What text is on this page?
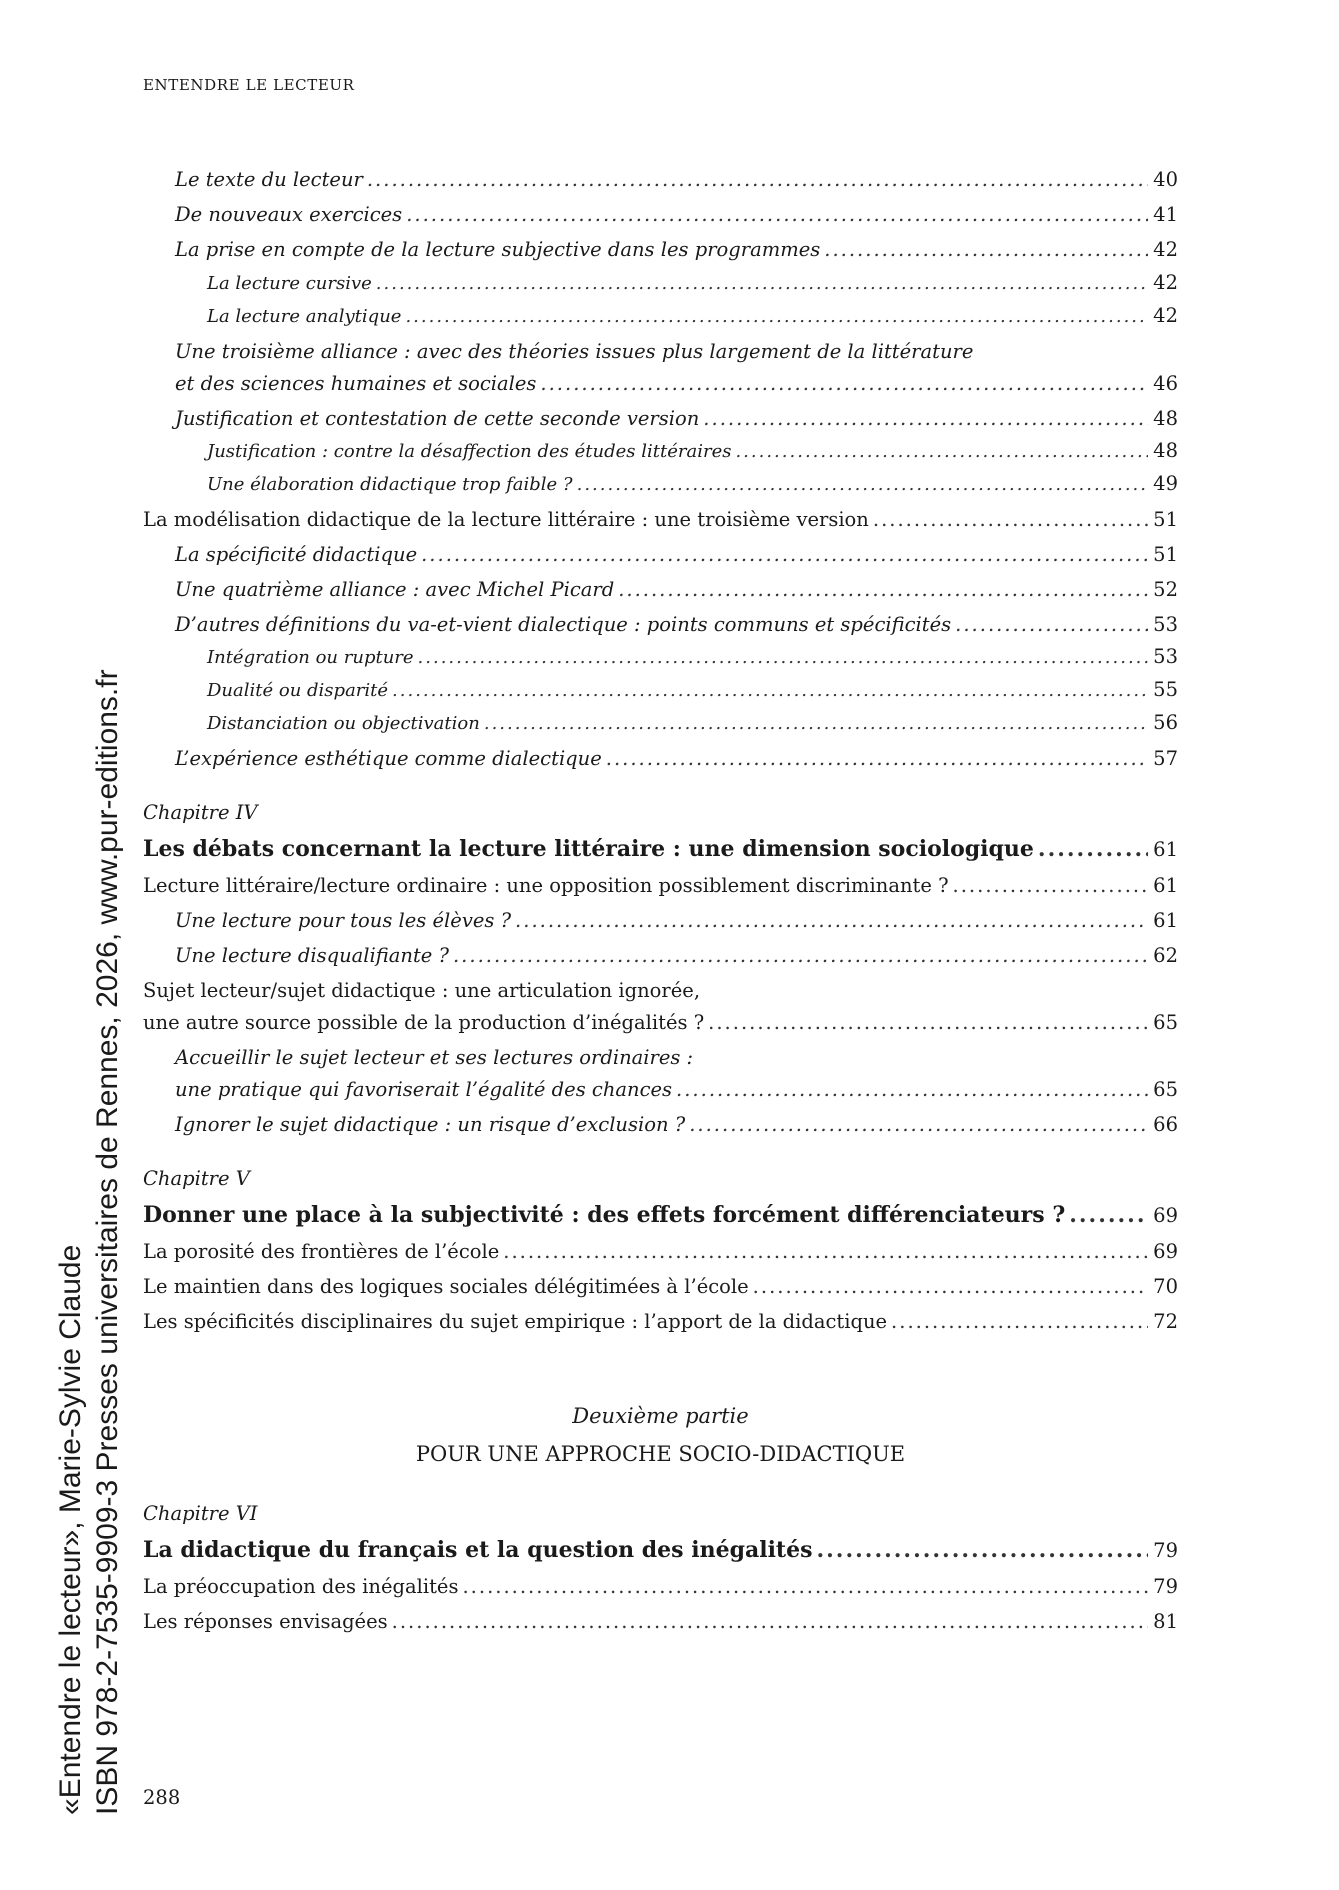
ENTENDRE LE LECTEUR
«Entendre le lecteur», Marie-Sylvie Claude ISBN 978-2-7535-9909-3 Presses universitaires de Rennes, 2026, www.pur-editions.fr
Le texte du lecteur .....	40
De nouveaux exercices .....	41
La prise en compte de la lecture subjective dans les programmes .....	42
La lecture cursive .....	42
La lecture analytique .....	42
Une troisième alliance : avec des théories issues plus largement de la littérature
et des sciences humaines et sociales .....	46
Justification et contestation de cette seconde version .....	48
Justification : contre la désaffection des études littéraires .....	48
Une élaboration didactique trop faible ? .....	49
La modélisation didactique de la lecture littéraire : une troisième version .....	51
La spécificité didactique .....	51
Une quatrième alliance : avec Michel Picard .....	52
D’autres définitions du va-et-vient dialectique : points communs et spécificités .....	53
Intégration ou rupture .....	53
Dualité ou disparité .....	55
Distanciation ou objectivation .....	56
L’expérience esthétique comme dialectique .....	57
Chapitre IV
Les débats concernant la lecture littéraire : une dimension sociologique .....	61
Lecture littéraire/lecture ordinaire : une opposition possiblement discriminante ? .....	61
Une lecture pour tous les élèves ? .....	61
Une lecture disqualifiante ? .....	62
Sujet lecteur/sujet didactique : une articulation ignorée,
une autre source possible de la production d’inégalités ? .....	65
Accueillir le sujet lecteur et ses lectures ordinaires :
une pratique qui favoriserait l’égalité des chances .....	65
Ignorer le sujet didactique : un risque d’exclusion ? .....	66
Chapitre V
Donner une place à la subjectivité : des effets forcément différenciateurs ? .....	69
La porosité des frontières de l’école .....	69
Le maintien dans des logiques sociales délégitimées à l’école .....	70
Les spécificités disciplinaires du sujet empirique : l’apport de la didactique .....	72
Deuxième partie
POUR UNE APPROCHE SOCIO-DIDACTIQUE
Chapitre VI
La didactique du français et la question des inégalités .....	79
La préoccupation des inégalités .....	79
Les réponses envisagées .....	81
288
